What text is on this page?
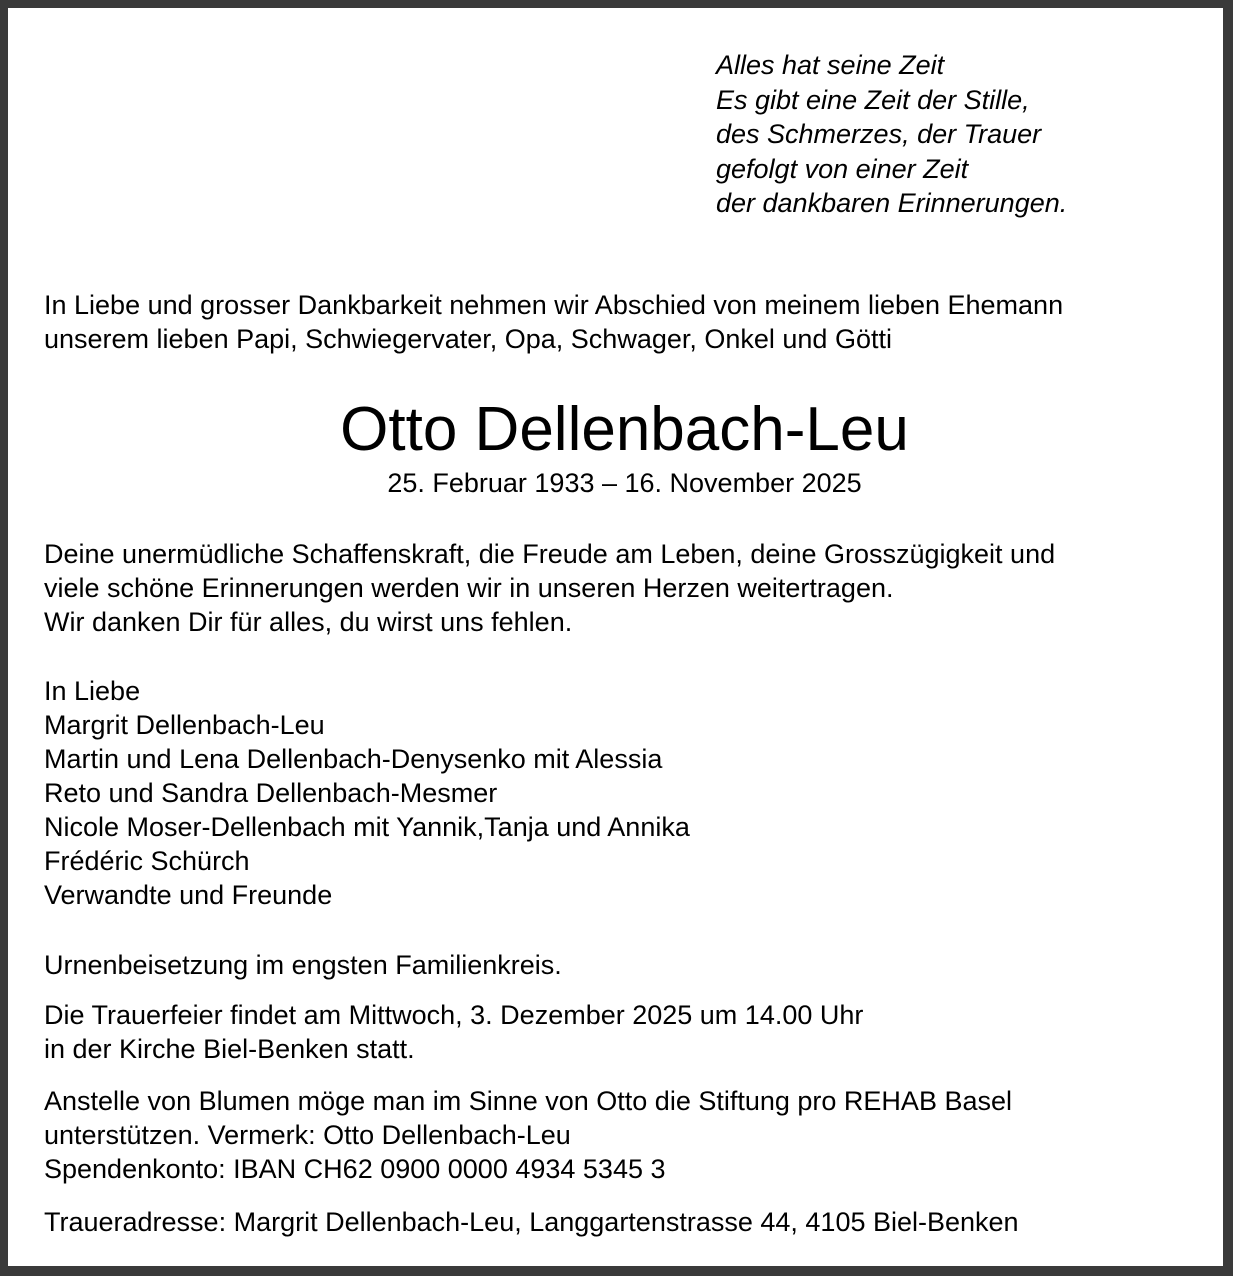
Alles hat seine Zeit
Es gibt eine Zeit der Stille,
des Schmerzes, der Trauer
gefolgt von einer Zeit
der dankbaren Erinnerungen.
In Liebe und grosser Dankbarkeit nehmen wir Abschied von meinem lieben Ehemann
unserem lieben Papi, Schwiegervater, Opa, Schwager, Onkel und Götti
Otto Dellenbach-Leu

25. Februar 1933 – 16. November 2025

Deine unermüdliche Schaffenskraft, die Freude am Leben, deine Grosszügigkeit und
viele schöne Erinnerungen werden wir in unseren Herzen weitertragen.
Wir danken Dir für alles, du wirst uns fehlen.
In Liebe
Margrit Dellenbach-Leu
Martin und Lena Dellenbach-Denysenko mit Alessia
Reto und Sandra Dellenbach-Mesmer
Nicole Moser-Dellenbach mit Yannik,Tanja und Annika
Frédéric Schürch
Verwandte und Freunde

Urnenbeisetzung im engsten Familienkreis.

Die Trauerfeier findet am Mittwoch, 3. Dezember 2025 um 14.00 Uhr
in der Kirche Biel-Benken statt.
Anstelle von Blumen möge man im Sinne von Otto die Stiftung pro REHAB Basel
unterstützen. Vermerk: Otto Dellenbach-Leu
Spendenkonto: IBAN CH62 0900 0000 4934 5345 3

Traueradresse: Margrit Dellenbach-Leu, Langgartenstrasse 44, 4105 Biel-Benken
